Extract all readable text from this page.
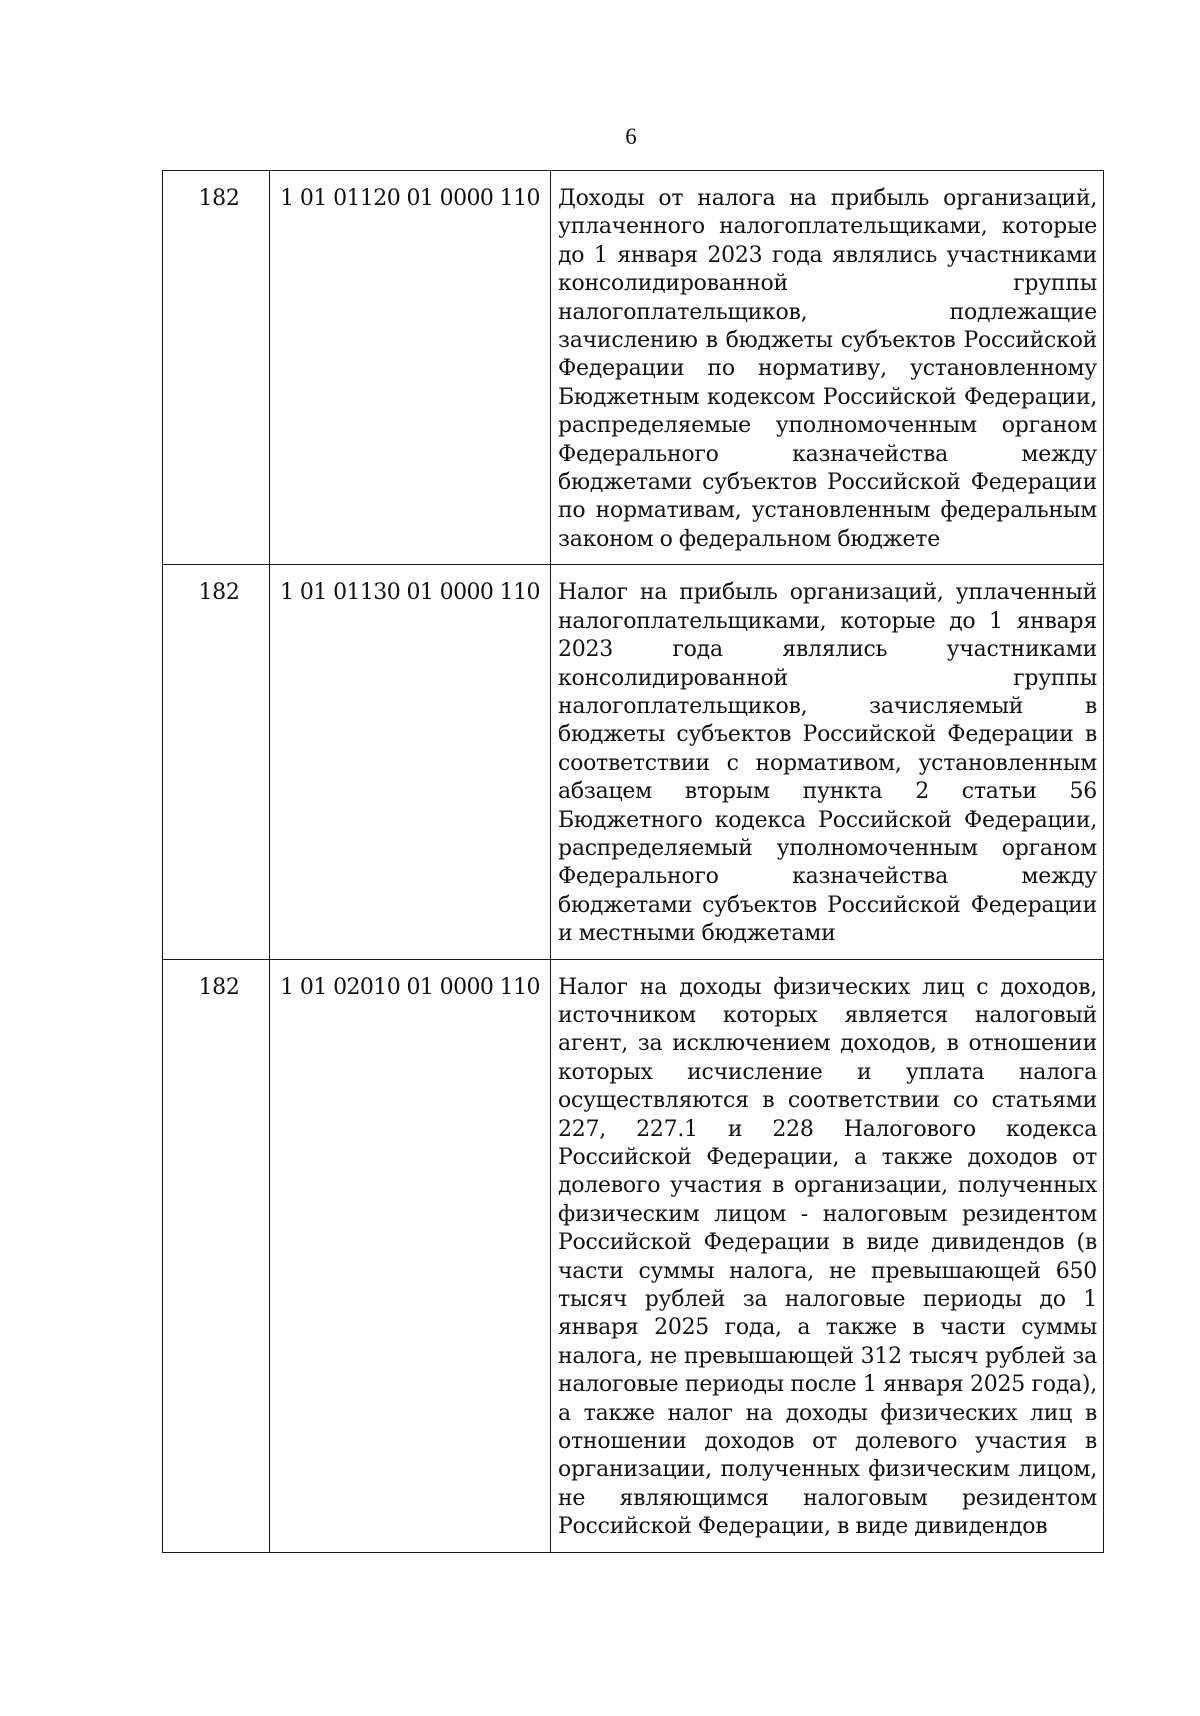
6
182	1 01 01120 01 0000 110	Доходы от налога на прибыль организаций, уплаченного налогоплательщиками, которые до 1 января 2023 года являлись участниками консолидированной группы налогоплательщиков, подлежащие зачислению в бюджеты субъектов Российской Федерации по нормативу, установленному Бюджетным кодексом Российской Федерации, распределяемые уполномоченным органом Федерального казначейства между бюджетами субъектов Российской Федерации по нормативам, установленным федеральным законом о федеральном бюджете

182	1 01 01130 01 0000 110	Налог на прибыль организаций, уплаченный налогоплательщиками, которые до 1 января 2023 года являлись участниками консолидированной группы налогоплательщиков, зачисляемый в бюджеты субъектов Российской Федерации в соответствии с нормативом, установленным абзацем вторым пункта 2 статьи 56 Бюджетного кодекса Российской Федерации, распределяемый уполномоченным органом Федерального казначейства между бюджетами субъектов Российской Федерации и местными бюджетами

182	1 01 02010 01 0000 110	Налог на доходы физических лиц с доходов, источником которых является налоговый агент, за исключением доходов, в отношении которых исчисление и уплата налога осуществляются в соответствии со статьями 227, 227.1 и 228 Налогового кодекса Российской Федерации, а также доходов от долевого участия в организации, полученных физическим лицом - налоговым резидентом Российской Федерации в виде дивидендов (в части суммы налога, не превышающей 650 тысяч рублей за налоговые периоды до 1 января 2025 года, а также в части суммы налога, не превышающей 312 тысяч рублей за налоговые периоды после 1 января 2025 года), а также налог на доходы физических лиц в отношении доходов от долевого участия в организации, полученных физическим лицом, не являющимся налоговым резидентом Российской Федерации, в виде дивидендов
